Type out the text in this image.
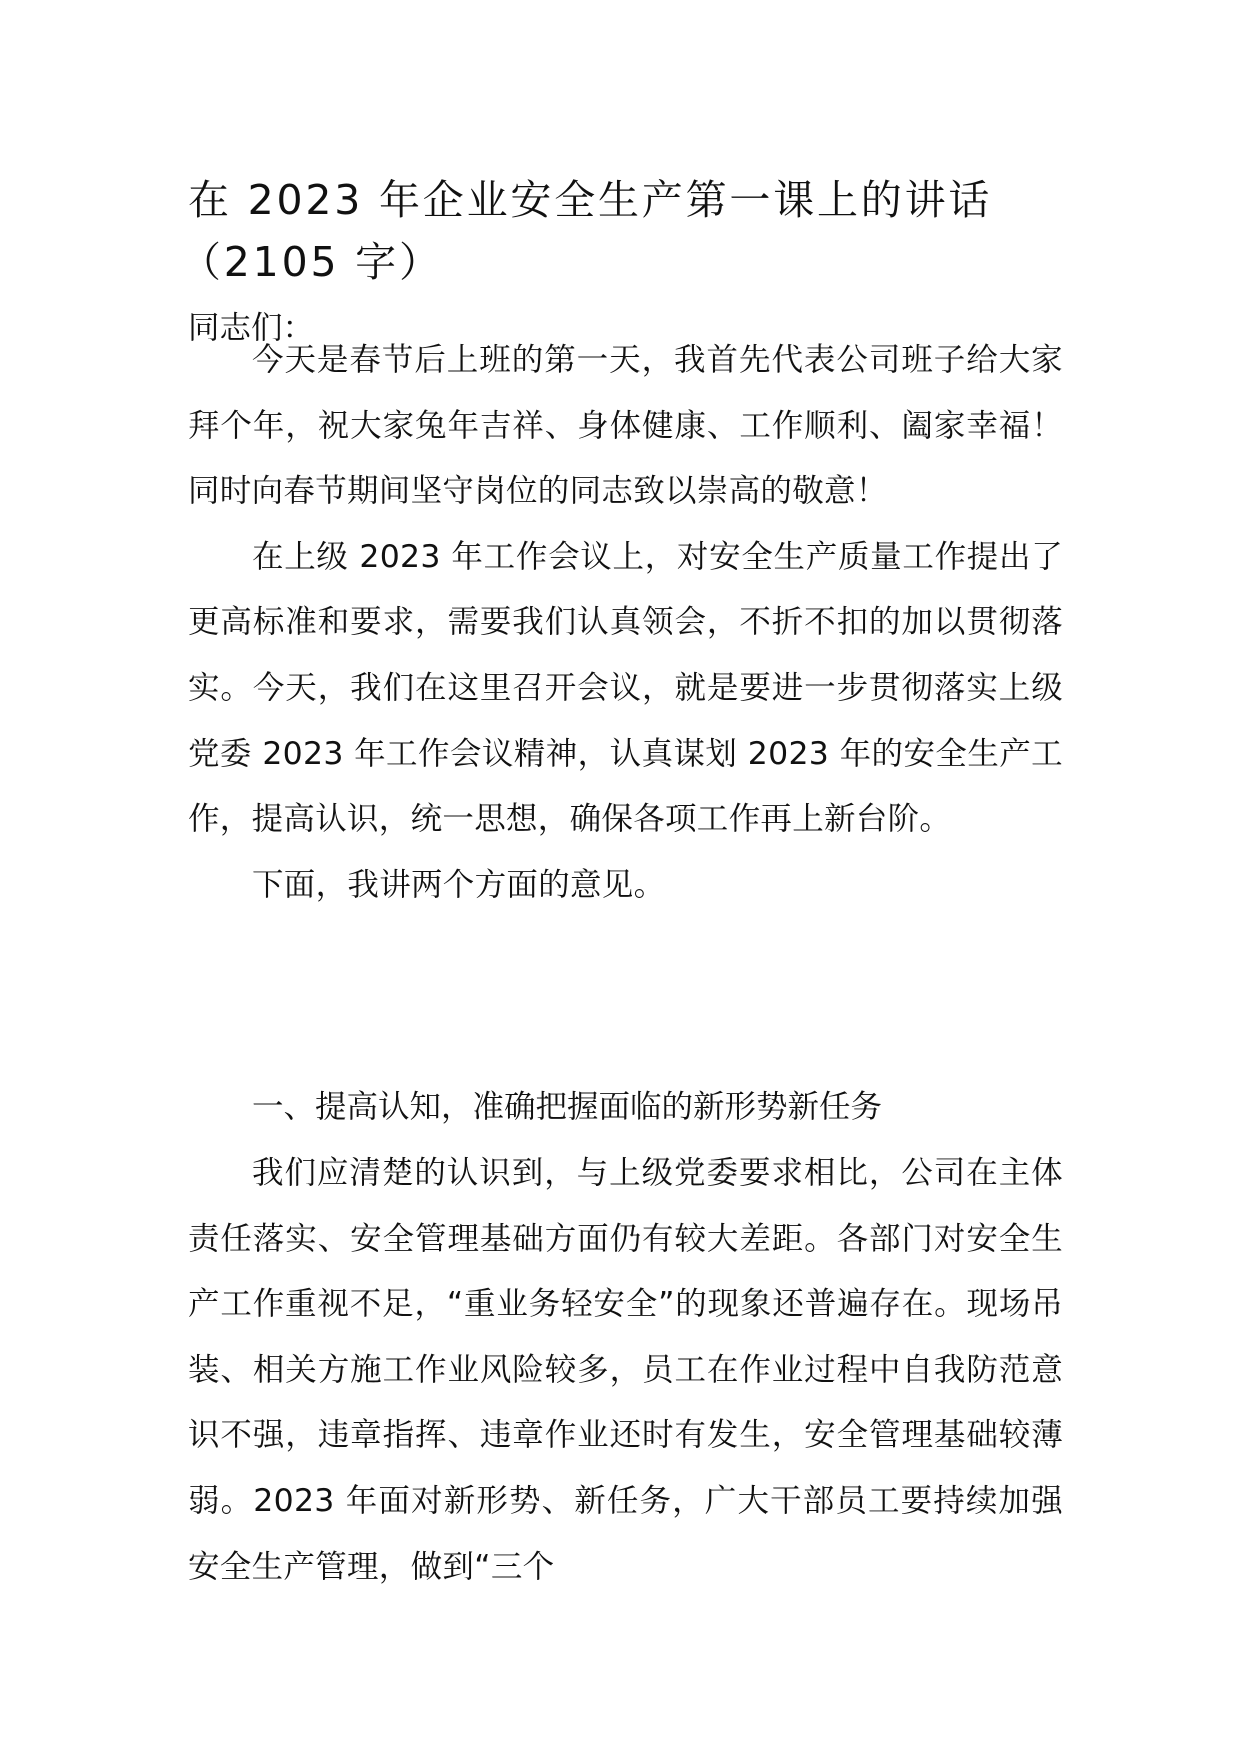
在 2023 年企业安全生产第一课上的讲话
（2105 字）

同志们：

今天是春节后上班的第一天，我首先代表公司班子给大家拜个年，祝大家兔年吉祥、身体健康、工作顺利、阖家幸福！同时向春节期间坚守岗位的同志致以崇高的敬意！

在上级 2023 年工作会议上，对安全生产质量工作提出了更高标准和要求，需要我们认真领会，不折不扣的加以贯彻落实。今天，我们在这里召开会议，就是要进一步贯彻落实上级党委 2023 年工作会议精神，认真谋划 2023 年的安全生产工作，提高认识，统一思想，确保各项工作再上新台阶。

下面，我讲两个方面的意见。

一、提高认知，准确把握面临的新形势新任务

我们应清楚的认识到，与上级党委要求相比，公司在主体责任落实、安全管理基础方面仍有较大差距。各部门对安全生产工作重视不足，“重业务轻安全”的现象还普遍存在。现场吊装、相关方施工作业风险较多，员工在作业过程中自我防范意识不强，违章指挥、违章作业还时有发生，安全管理基础较薄弱。2023 年面对新形势、新任务，广大干部员工要持续加强安全生产管理，做到“三个
